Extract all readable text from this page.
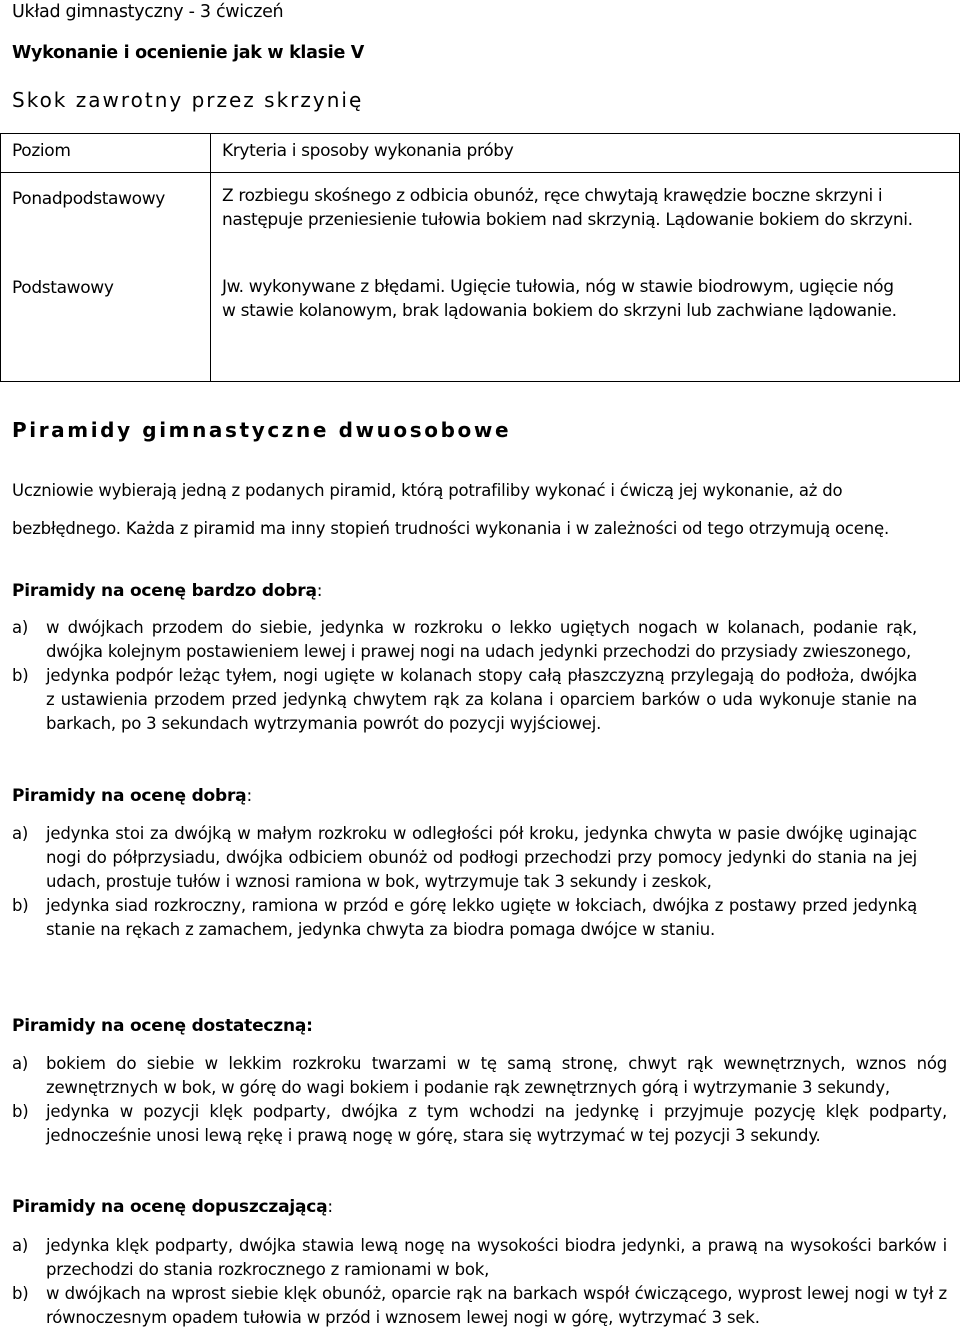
Układ gimnastyczny - 3 ćwiczeń
Wykonanie i ocenienie jak w klasie V
Skok zawrotny przez skrzynię
Poziom	Kryteria i sposoby wykonania próby

Ponadpodstawowy	Z rozbiegu skośnego z odbicia obunóż, ręce chwytają krawędzie boczne skrzyni i następuje przeniesienie tułowia bokiem nad skrzynią. Lądowanie bokiem do skrzyni.

Podstawowy	Jw. wykonywane z błędami. Ugięcie tułowia, nóg w stawie biodrowym, ugięcie nóg w stawie kolanowym, brak lądowania bokiem do skrzyni lub zachwiane lądowanie.
Piramidy gimnastyczne dwuosobowe
Uczniowie wybierają jedną z podanych piramid, którą potrafiliby wykonać i ćwiczą jej wykonanie, aż do bezbłędnego. Każda z piramid ma inny stopień trudności wykonania i w zależności od tego otrzymują ocenę.
Piramidy na ocenę bardzo dobrą:
a) w dwójkach przodem do siebie, jedynka w rozkroku o lekko ugiętych nogach w kolanach, podanie rąk, dwójka kolejnym postawieniem lewej i prawej nogi na udach jedynki przechodzi do przysiady zwieszonego,
b) jedynka podpór leżąc tyłem, nogi ugięte w kolanach stopy całą płaszczyzną przylegają do podłoża, dwójka z ustawienia przodem przed jedynką chwytem rąk za kolana i oparciem barków o uda wykonuje stanie na barkach, po 3 sekundach wytrzymania powrót do pozycji wyjściowej.
Piramidy na ocenę dobrą:
a) jedynka stoi za dwójką w małym rozkroku w odległości pół kroku, jedynka chwyta w pasie dwójkę uginając nogi do półprzysiadu, dwójka odbiciem obunóż od podłogi przechodzi przy pomocy jedynki do stania na jej udach, prostuje tułów i wznosi ramiona w bok, wytrzymuje tak 3 sekundy i zeskok,
b) jedynka siad rozkroczny, ramiona w przód e górę lekko ugięte w łokciach, dwójka z postawy przed jedynką stanie na rękach z zamachem, jedynka chwyta za biodra pomaga dwójce w staniu.
Piramidy na ocenę dostateczną:
a) bokiem do siebie w lekkim rozkroku twarzami w tę samą stronę, chwyt rąk wewnętrznych, wznos nóg zewnętrznych w bok, w górę do wagi bokiem i podanie rąk zewnętrznych górą i wytrzymanie 3 sekundy,
b) jedynka w pozycji klęk podparty, dwójka z tym wchodzi na jedynkę i przyjmuje pozycję klęk podparty, jednocześnie unosi lewą rękę i prawą nogę w górę, stara się wytrzymać w tej pozycji 3 sekundy.
Piramidy na ocenę dopuszczającą:
a) jedynka klęk podparty, dwójka stawia lewą nogę na wysokości biodra jedynki, a prawą na wysokości barków i przechodzi do stania rozkrocznego z ramionami w bok,
b) w dwójkach na wprost siebie klęk obunóż, oparcie rąk na barkach współ ćwiczącego, wyprost lewej nogi w tył z równoczesnym opadem tułowia w przód i wznosem lewej nogi w górę, wytrzymać 3 sek.
